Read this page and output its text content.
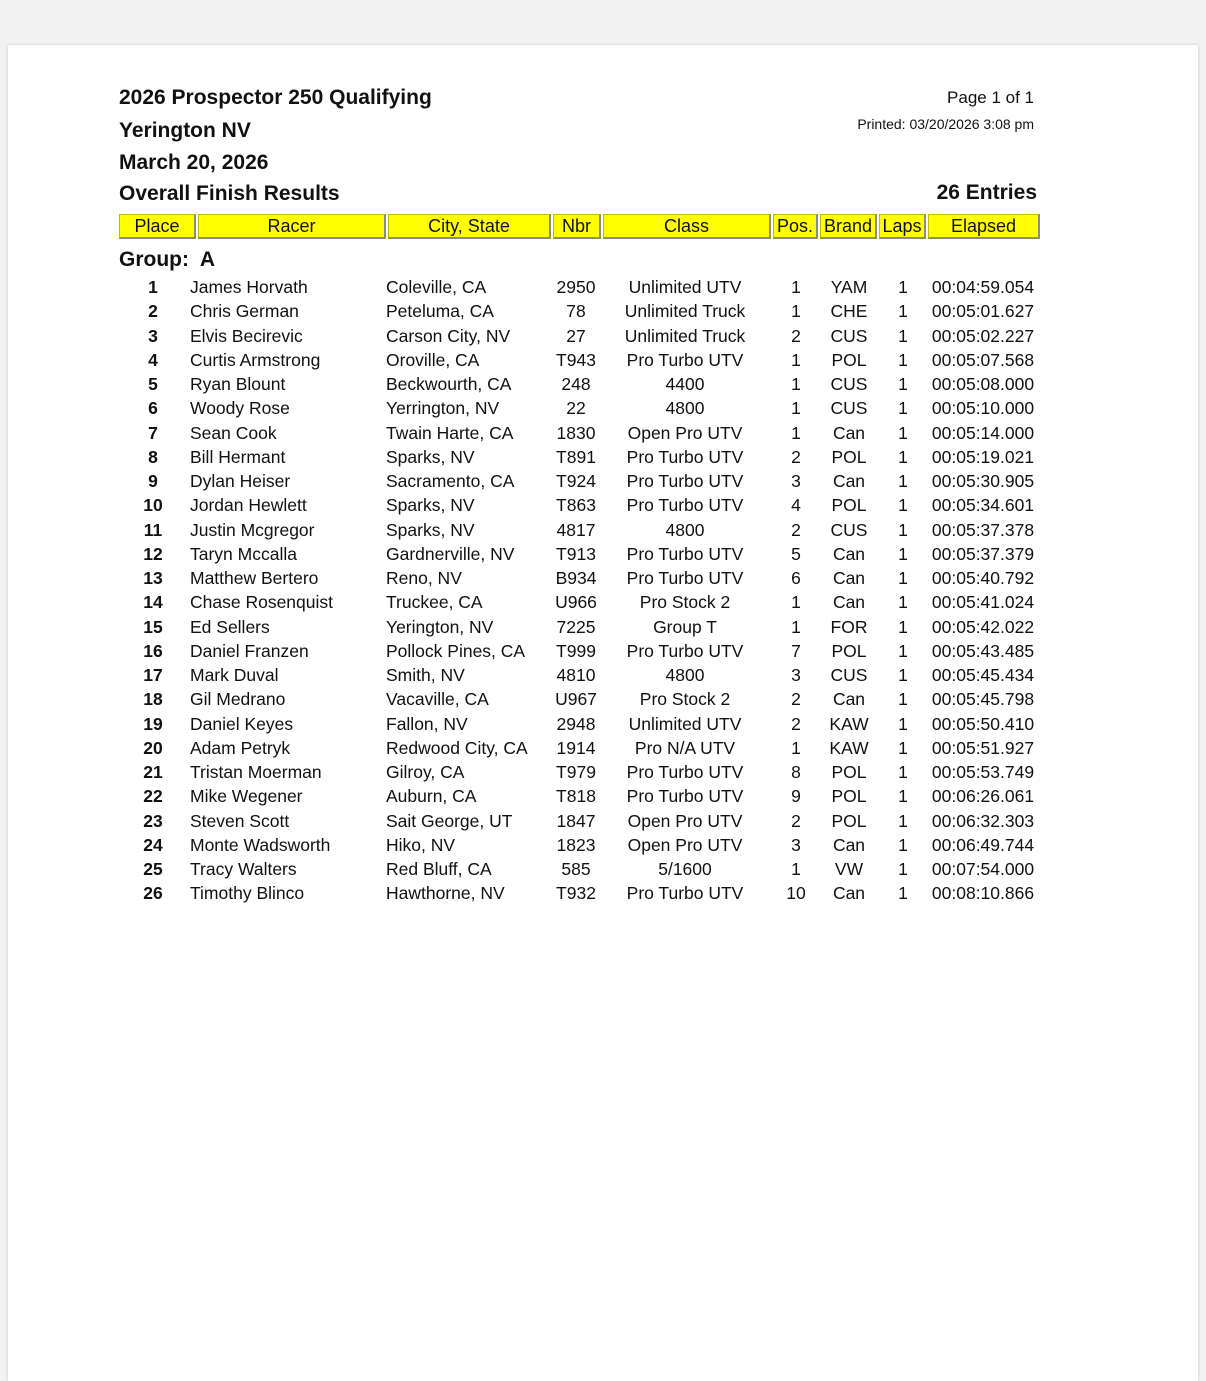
2026 Prospector 250 Qualifying
Yerington NV
March 20, 2026
Overall Finish Results
Page 1 of 1
Printed: 03/20/2026 3:08 pm
26 Entries
Place	Racer	City, State	Nbr	Class	Pos. Brand Laps	Elapsed
Group: A
1	James Horvath	Coleville, CA	2950	Unlimited UTV	1	YAM	1	00:04:59.054
2	Chris German	Peteluma, CA	78	Unlimited Truck	1	CHE	1	00:05:01.627
3	Elvis Becirevic	Carson City, NV	27	Unlimited Truck	2	CUS	1	00:05:02.227
4	Curtis Armstrong	Oroville, CA	T943	Pro Turbo UTV	1	POL	1	00:05:07.568
5	Ryan Blount	Beckwourth, CA	248	4400	1	CUS	1	00:05:08.000
6	Woody Rose	Yerrington, NV	22	4800	1	CUS	1	00:05:10.000
7	Sean Cook	Twain Harte, CA	1830	Open Pro UTV	1	Can	1	00:05:14.000
8	Bill Hermant	Sparks, NV	T891	Pro Turbo UTV	2	POL	1	00:05:19.021
9	Dylan Heiser	Sacramento, CA	T924	Pro Turbo UTV	3	Can	1	00:05:30.905
10	Jordan Hewlett	Sparks, NV	T863	Pro Turbo UTV	4	POL	1	00:05:34.601
11	Justin Mcgregor	Sparks, NV	4817	4800	2	CUS	1	00:05:37.378
12	Taryn Mccalla	Gardnerville, NV	T913	Pro Turbo UTV	5	Can	1	00:05:37.379
13	Matthew Bertero	Reno, NV	B934	Pro Turbo UTV	6	Can	1	00:05:40.792
14	Chase Rosenquist	Truckee, CA	U966	Pro Stock 2	1	Can	1	00:05:41.024
15	Ed Sellers	Yerington, NV	7225	Group T	1	FOR	1	00:05:42.022
16	Daniel Franzen	Pollock Pines, CA	T999	Pro Turbo UTV	7	POL	1	00:05:43.485
17	Mark Duval	Smith, NV	4810	4800	3	CUS	1	00:05:45.434
18	Gil Medrano	Vacaville, CA	U967	Pro Stock 2	2	Can	1	00:05:45.798
19	Daniel Keyes	Fallon, NV	2948	Unlimited UTV	2	KAW	1	00:05:50.410
20	Adam Petryk	Redwood City, CA	1914	Pro N/A UTV	1	KAW	1	00:05:51.927
21	Tristan Moerman	Gilroy, CA	T979	Pro Turbo UTV	8	POL	1	00:05:53.749
22	Mike Wegener	Auburn, CA	T818	Pro Turbo UTV	9	POL	1	00:06:26.061
23	Steven Scott	Sait George, UT	1847	Open Pro UTV	2	POL	1	00:06:32.303
24	Monte Wadsworth	Hiko, NV	1823	Open Pro UTV	3	Can	1	00:06:49.744
25	Tracy Walters	Red Bluff, CA	585	5/1600	1	VW	1	00:07:54.000
26	Timothy Blinco	Hawthorne, NV	T932	Pro Turbo UTV	10	Can	1	00:08:10.866
